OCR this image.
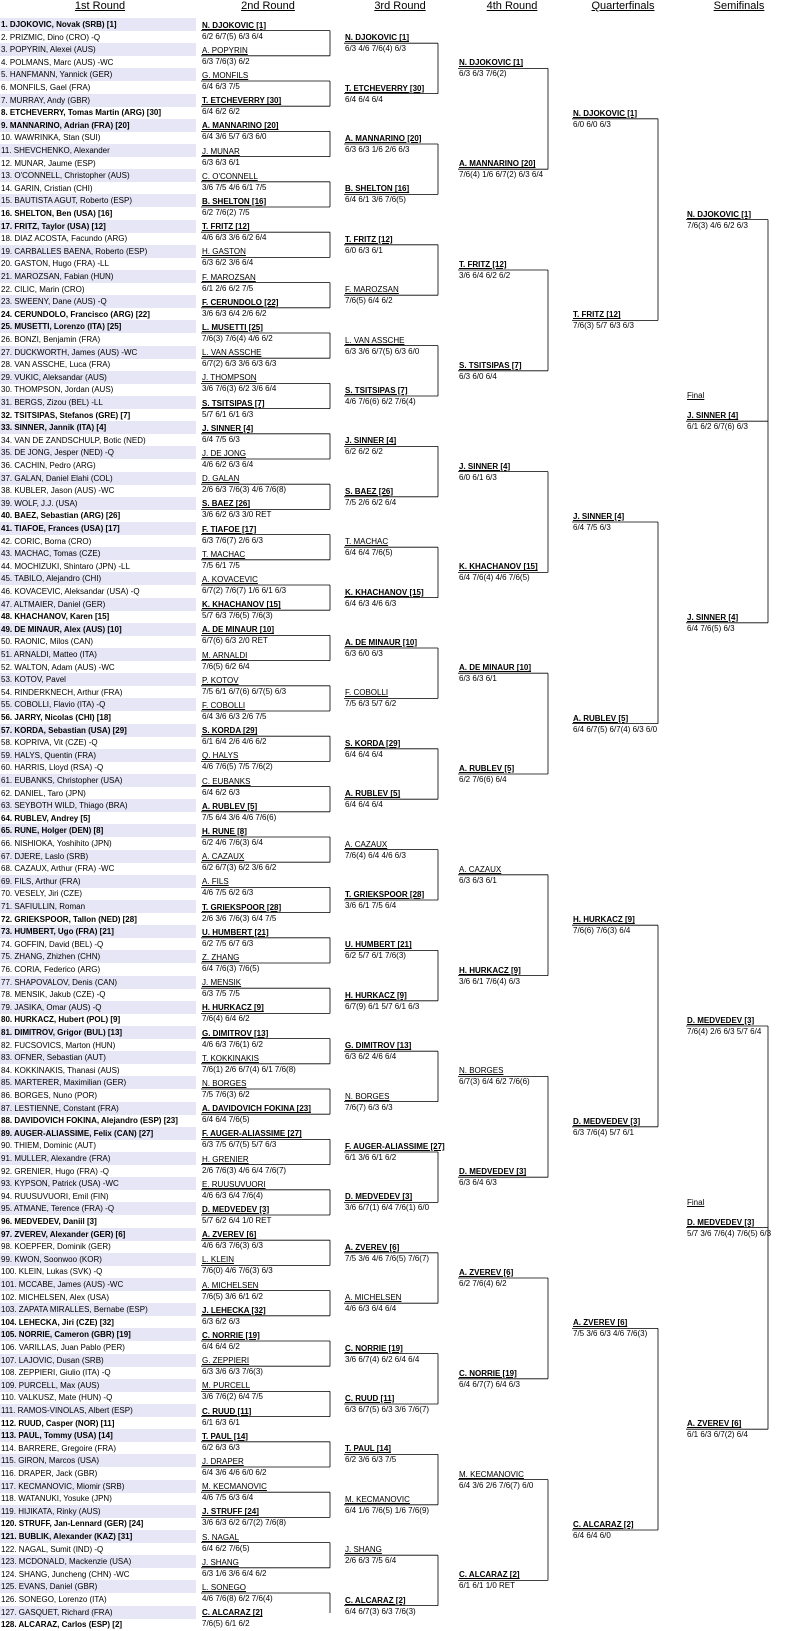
1st Round	2nd Round	3rd Round	4th Round	Quarterfinals	Semifinals
1. DJOKOVIC, Novak (SRB) [1]
2. PRIZMIC, Dino (CRO) -Q
3. POPYRIN, Alexei (AUS)
4. POLMANS, Marc (AUS) -WC
5. HANFMANN, Yannick (GER)
6. MONFILS, Gael (FRA)
7. MURRAY, Andy (GBR)
8. ETCHEVERRY, Tomas Martin (ARG) [30]
9. MANNARINO, Adrian (FRA) [20]
10. WAWRINKA, Stan (SUI)
11. SHEVCHENKO, Alexander
12. MUNAR, Jaume (ESP)
13. O'CONNELL, Christopher (AUS)
14. GARIN, Cristian (CHI)
15. BAUTISTA AGUT, Roberto (ESP)
16. SHELTON, Ben (USA) [16]
17. FRITZ, Taylor (USA) [12]
18. DIAZ ACOSTA, Facundo (ARG)
19. CARBALLES BAENA, Roberto (ESP)
20. GASTON, Hugo (FRA) -LL
21. MAROZSAN, Fabian (HUN)
22. CILIC, Marin (CRO)
23. SWEENY, Dane (AUS) -Q
24. CERUNDOLO, Francisco (ARG) [22]
25. MUSETTI, Lorenzo (ITA) [25]
26. BONZI, Benjamin (FRA)
27. DUCKWORTH, James (AUS) -WC
28. VAN ASSCHE, Luca (FRA)
29. VUKIC, Aleksandar (AUS)
30. THOMPSON, Jordan (AUS)
31. BERGS, Zizou (BEL) -LL
32. TSITSIPAS, Stefanos (GRE) [7]
33. SINNER, Jannik (ITA) [4]
34. VAN DE ZANDSCHULP, Botic (NED)
35. DE JONG, Jesper (NED) -Q
36. CACHIN, Pedro (ARG)
37. GALAN, Daniel Elahi (COL)
38. KUBLER, Jason (AUS) -WC
39. WOLF, J.J. (USA)
40. BAEZ, Sebastian (ARG) [26]
41. TIAFOE, Frances (USA) [17]
42. CORIC, Borna (CRO)
43. MACHAC, Tomas (CZE)
44. MOCHIZUKI, Shintaro (JPN) -LL
45. TABILO, Alejandro (CHI)
46. KOVACEVIC, Aleksandar (USA) -Q
47. ALTMAIER, Daniel (GER)
48. KHACHANOV, Karen [15]
49. DE MINAUR, Alex (AUS) [10]
50. RAONIC, Milos (CAN)
51. ARNALDI, Matteo (ITA)
52. WALTON, Adam (AUS) -WC
53. KOTOV, Pavel
54. RINDERKNECH, Arthur (FRA)
55. COBOLLI, Flavio (ITA) -Q
56. JARRY, Nicolas (CHI) [18]
57. KORDA, Sebastian (USA) [29]
58. KOPRIVA, Vit (CZE) -Q
59. HALYS, Quentin (FRA)
60. HARRIS, Lloyd (RSA) -Q
61. EUBANKS, Christopher (USA)
62. DANIEL, Taro (JPN)
63. SEYBOTH WILD, Thiago (BRA)
64. RUBLEV, Andrey [5]
65. RUNE, Holger (DEN) [8]
66. NISHIOKA, Yoshihito (JPN)
67. DJERE, Laslo (SRB)
68. CAZAUX, Arthur (FRA) -WC
69. FILS, Arthur (FRA)
70. VESELY, Jiri (CZE)
71. SAFIULLIN, Roman
72. GRIEKSPOOR, Tallon (NED) [28]
73. HUMBERT, Ugo (FRA) [21]
74. GOFFIN, David (BEL) -Q
75. ZHANG, Zhizhen (CHN)
76. CORIA, Federico (ARG)
77. SHAPOVALOV, Denis (CAN)
78. MENSIK, Jakub (CZE) -Q
79. JASIKA, Omar (AUS) -Q
80. HURKACZ, Hubert (POL) [9]
81. DIMITROV, Grigor (BUL) [13]
82. FUCSOVICS, Marton (HUN)
83. OFNER, Sebastian (AUT)
84. KOKKINAKIS, Thanasi (AUS)
85. MARTERER, Maximilian (GER)
86. BORGES, Nuno (POR)
87. LESTIENNE, Constant (FRA)
88. DAVIDOVICH FOKINA, Alejandro (ESP) [23]
89. AUGER-ALIASSIME, Felix (CAN) [27]
90. THIEM, Dominic (AUT)
91. MULLER, Alexandre (FRA)
92. GRENIER, Hugo (FRA) -Q
93. KYPSON, Patrick (USA) -WC
94. RUUSUVUORI, Emil (FIN)
95. ATMANE, Terence (FRA) -Q
96. MEDVEDEV, Daniil [3]
97. ZVEREV, Alexander (GER) [6]
98. KOEPFER, Dominik (GER)
99. KWON, Soonwoo (KOR)
100. KLEIN, Lukas (SVK) -Q
101. MCCABE, James (AUS) -WC
102. MICHELSEN, Alex (USA)
103. ZAPATA MIRALLES, Bernabe (ESP)
104. LEHECKA, Jiri (CZE) [32]
105. NORRIE, Cameron (GBR) [19]
106. VARILLAS, Juan Pablo (PER)
107. LAJOVIC, Dusan (SRB)
108. ZEPPIERI, Giulio (ITA) -Q
109. PURCELL, Max (AUS)
110. VALKUSZ, Mate (HUN) -Q
111. RAMOS-VINOLAS, Albert (ESP)
112. RUUD, Casper (NOR) [11]
113. PAUL, Tommy (USA) [14]
114. BARRERE, Gregoire (FRA)
115. GIRON, Marcos (USA)
116. DRAPER, Jack (GBR)
117. KECMANOVIC, Miomir (SRB)
118. WATANUKI, Yosuke (JPN)
119. HIJIKATA, Rinky (AUS)
120. STRUFF, Jan-Lennard (GER) [24]
121. BUBLIK, Alexander (KAZ) [31]
122. NAGAL, Sumit (IND) -Q
123. MCDONALD, Mackenzie (USA)
124. SHANG, Juncheng (CHN) -WC
125. EVANS, Daniel (GBR)
126. SONEGO, Lorenzo (ITA)
127. GASQUET, Richard (FRA)
128. ALCARAZ, Carlos (ESP) [2]
N. DJOKOVIC [1]
6/2 6/7(5) 6/3 6/4
A. POPYRIN
6/3 7/6(3) 6/2
G. MONFILS
6/4 6/3 7/5
T. ETCHEVERRY [30]
6/4 6/2 6/2
A. MANNARINO [20]
6/4 3/6 5/7 6/3 6/0
J. MUNAR
6/3 6/3 6/1
C. O'CONNELL
3/6 7/5 4/6 6/1 7/5
B. SHELTON [16]
6/2 7/6(2) 7/5
T. FRITZ [12]
4/6 6/3 3/6 6/2 6/4
H. GASTON
6/3 6/2 3/6 6/4
F. MAROZSAN
6/1 2/6 6/2 7/5
F. CERUNDOLO [22]
3/6 6/3 6/4 2/6 6/2
L. MUSETTI [25]
7/6(3) 7/6(4) 4/6 6/2
L. VAN ASSCHE
6/7(2) 6/3 3/6 6/3 6/3
J. THOMPSON
3/6 7/6(3) 6/2 3/6 6/4
S. TSITSIPAS [7]
5/7 6/1 6/1 6/3
J. SINNER [4]
6/4 7/5 6/3
J. DE JONG
4/6 6/2 6/3 6/4
D. GALAN
2/6 6/3 7/6(3) 4/6 7/6(8)
S. BAEZ [26]
3/6 6/2 6/3 3/0 RET
F. TIAFOE [17]
6/3 7/6(7) 2/6 6/3
T. MACHAC
7/5 6/1 7/5
A. KOVACEVIC
6/7(2) 7/6(7) 1/6 6/1 6/3
K. KHACHANOV [15]
5/7 6/3 7/6(5) 7/6(3)
A. DE MINAUR [10]
6/7(6) 6/3 2/0 RET
M. ARNALDI
7/6(5) 6/2 6/4
P. KOTOV
7/5 6/1 6/7(6) 6/7(5) 6/3
F. COBOLLI
6/4 3/6 6/3 2/6 7/5
S. KORDA [29]
6/1 6/4 2/6 4/6 6/2
Q. HALYS
4/6 7/6(5) 7/5 7/6(2)
C. EUBANKS
6/4 6/2 6/3
A. RUBLEV [5]
7/5 6/4 3/6 4/6 7/6(6)
H. RUNE [8]
6/2 4/6 7/6(3) 6/4
A. CAZAUX
6/2 6/7(3) 6/2 3/6 6/2
A. FILS
4/6 7/5 6/2 6/3
T. GRIEKSPOOR [28]
2/6 3/6 7/6(3) 6/4 7/5
U. HUMBERT [21]
6/2 7/5 6/7 6/3
Z. ZHANG
6/4 7/6(3) 7/6(5)
J. MENSIK
6/3 7/5 7/5
H. HURKACZ [9]
7/6(4) 6/4 6/2
G. DIMITROV [13]
4/6 6/3 7/6(1) 6/2
T. KOKKINAKIS
7/6(1) 2/6 6/7(4) 6/1 7/6(8)
N. BORGES
7/5 7/6(3) 6/2
A. DAVIDOVICH FOKINA [23]
6/4 6/4 7/6(5)
F. AUGER-ALIASSIME [27]
6/3 7/5 6/7(5) 5/7 6/3
H. GRENIER
2/6 7/6(3) 4/6 6/4 7/6(7)
E. RUUSUVUORI
4/6 6/3 6/4 7/6(4)
D. MEDVEDEV [3]
5/7 6/2 6/4 1/0 RET
A. ZVEREV [6]
4/6 6/3 7/6(3) 6/3
L. KLEIN
7/6(0) 4/6 7/6(3) 6/3
A. MICHELSEN
7/6(5) 3/6 6/1 6/2
J. LEHECKA [32]
6/3 6/2 6/3
C. NORRIE [19]
6/4 6/4 6/2
G. ZEPPIERI
6/3 3/6 6/3 7/6(3)
M. PURCELL
3/6 7/6(2) 6/4 7/5
C. RUUD [11]
6/1 6/3 6/1
T. PAUL [14]
6/2 6/3 6/3
J. DRAPER
6/4 3/6 4/6 6/0 6/2
M. KECMANOVIC
4/6 7/5 6/3 6/4
J. STRUFF [24]
3/6 6/3 6/2 6/7(2) 7/6(8)
S. NAGAL
6/4 6/2 7/6(5)
J. SHANG
6/3 1/6 3/6 6/4 6/2
L. SONEGO
4/6 7/6(8) 6/2 7/6(4)
C. ALCARAZ [2]
7/6(5) 6/1 6/2
N. DJOKOVIC [1]
6/3 4/6 7/6(4) 6/3
T. ETCHEVERRY [30]
6/4 6/4 6/4
A. MANNARINO [20]
6/3 6/3 1/6 2/6 6/3
B. SHELTON [16]
6/4 6/1 3/6 7/6(5)
T. FRITZ [12]
6/0 6/3 6/1
F. MAROZSAN
7/6(5) 6/4 6/2
L. VAN ASSCHE
6/3 3/6 6/7(5) 6/3 6/0
S. TSITSIPAS [7]
4/6 7/6(6) 6/2 7/6(4)
J. SINNER [4]
6/2 6/2 6/2
S. BAEZ [26]
7/5 2/6 6/2 6/4
T. MACHAC
6/4 6/4 7/6(5)
K. KHACHANOV [15]
6/4 6/3 4/6 6/3
A. DE MINAUR [10]
6/3 6/0 6/3
F. COBOLLI
7/5 6/3 5/7 6/2
S. KORDA [29]
6/4 6/4 6/4
A. RUBLEV [5]
6/4 6/4 6/4
A. CAZAUX
7/6(4) 6/4 4/6 6/3
T. GRIEKSPOOR [28]
3/6 6/1 7/5 6/4
U. HUMBERT [21]
6/2 5/7 6/1 7/6(3)
H. HURKACZ [9]
6/7(9) 6/1 5/7 6/1 6/3
G. DIMITROV [13]
6/3 6/2 4/6 6/4
N. BORGES
7/6(7) 6/3 6/3
F. AUGER-ALIASSIME [27]
6/1 3/6 6/1 6/2
D. MEDVEDEV [3]
3/6 6/7(1) 6/4 7/6(1) 6/0
A. ZVEREV [6]
7/5 3/6 4/6 7/6(5) 7/6(7)
A. MICHELSEN
4/6 6/3 6/4 6/4
C. NORRIE [19]
3/6 6/7(4) 6/2 6/4 6/4
C. RUUD [11]
6/3 6/7(5) 6/3 3/6 7/6(7)
T. PAUL [14]
6/2 3/6 6/3 7/5
M. KECMANOVIC
6/4 1/6 7/6(5) 1/6 7/6(9)
J. SHANG
2/6 6/3 7/5 6/4
C. ALCARAZ [2]
6/4 6/7(3) 6/3 7/6(3)
N. DJOKOVIC [1]
6/3 6/3 7/6(2)
A. MANNARINO [20]
7/6(4) 1/6 6/7(2) 6/3 6/4
T. FRITZ [12]
3/6 6/4 6/2 6/2
S. TSITSIPAS [7]
6/3 6/0 6/4
J. SINNER [4]
6/0 6/1 6/3
K. KHACHANOV [15]
6/4 7/6(4) 4/6 7/6(5)
A. DE MINAUR [10]
6/3 6/3 6/1
A. RUBLEV [5]
6/2 7/6(6) 6/4
A. CAZAUX
6/3 6/3 6/1
H. HURKACZ [9]
3/6 6/1 7/6(4) 6/3
N. BORGES
6/7(3) 6/4 6/2 7/6(6)
D. MEDVEDEV [3]
6/3 6/4 6/3
A. ZVEREV [6]
6/2 7/6(4) 6/2
C. NORRIE [19]
6/4 6/7(7) 6/4 6/3
M. KECMANOVIC
6/4 3/6 2/6 7/6(7) 6/0
C. ALCARAZ [2]
6/1 6/1 1/0 RET
N. DJOKOVIC [1]
6/0 6/0 6/3
T. FRITZ [12]
7/6(3) 5/7 6/3 6/3
J. SINNER [4]
6/4 7/5 6/3
A. RUBLEV [5]
6/4 6/7(5) 6/7(4) 6/3 6/0
H. HURKACZ [9]
7/6(6) 7/6(3) 6/4
D. MEDVEDEV [3]
6/3 7/6(4) 5/7 6/1
A. ZVEREV [6]
7/5 3/6 6/3 4/6 7/6(3)
C. ALCARAZ [2]
6/4 6/4 6/0
N. DJOKOVIC [1]
7/6(3) 4/6 6/2 6/3
J. SINNER [4]
6/4 7/6(5) 6/3
D. MEDVEDEV [3]
7/6(4) 2/6 6/3 5/7 6/4
A. ZVEREV [6]
6/1 6/3 6/7(2) 6/4
Final
J. SINNER [4]
6/1 6/2 6/7(6) 6/3
Final
D. MEDVEDEV [3]
5/7 3/6 7/6(4) 7/6(5) 6/3
